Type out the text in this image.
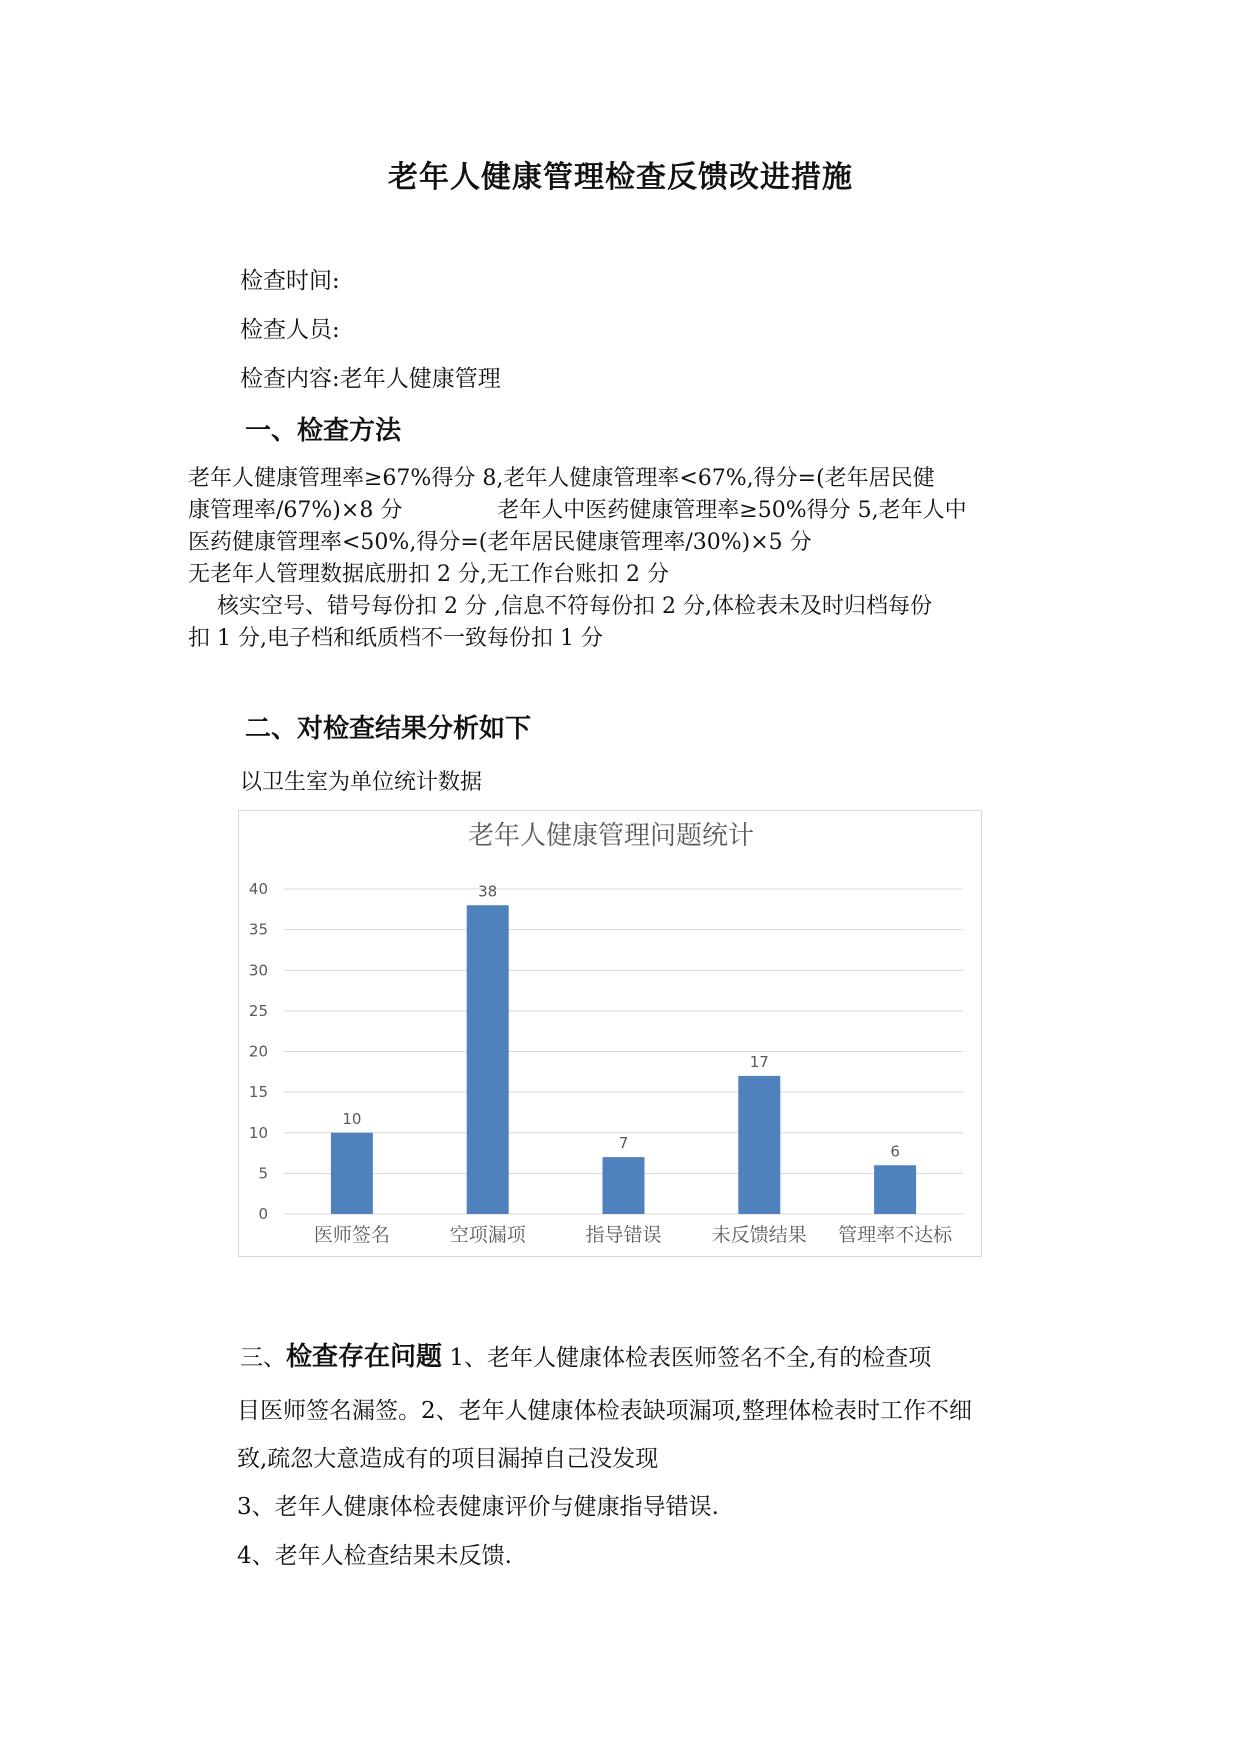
老年人健康管理检查反馈改进措施
检查时间:
检查人员:
检查内容:老年人健康管理
一、检查方法
老年人健康管理率≥67%得分 8,老年人健康管理率<67%,得分=(老年居民健
康管理率/67%)×8 分　　　　 老年人中医药健康管理率≥50%得分 5,老年人中
医药健康管理率<50%,得分=(老年居民健康管理率/30%)×5 分
无老年人管理数据底册扣 2 分,无工作台账扣 2 分
　 核实空号、错号每份扣 2 分 ,信息不符每份扣 2 分,体检表未及时归档每份
扣 1 分,电子档和纸质档不一致每份扣 1 分
二、对检查结果分析如下
以卫生室为单位统计数据
老年人健康管理问题统计
0
5
10
15
20
25
30
35
40
10
医师签名
38
空项漏项
7
指导错误
17
未反馈结果
6
管理率不达标
三、检查存在问题 1、老年人健康体检表医师签名不全,有的检查项
目医师签名漏签。2、老年人健康体检表缺项漏项,整理体检表时工作不细
致,疏忽大意造成有的项目漏掉自己没发现
3、老年人健康体检表健康评价与健康指导错误.
4、老年人检查结果未反馈.
